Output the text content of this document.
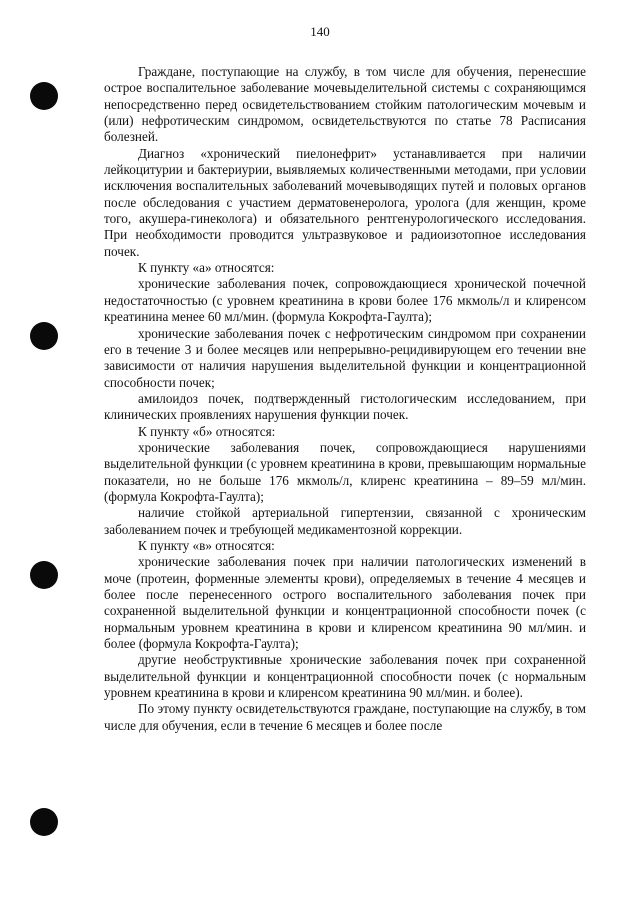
140

Граждане, поступающие на службу, в том числе для обучения, перенесшие острое воспалительное заболевание мочевыделительной системы с сохраняющимся непосредственно перед освидетельствованием стойким патологическим мочевым и (или) нефротическим синдромом, освидетельствуются по статье 78 Расписания болезней.

Диагноз «хронический пиелонефрит» устанавливается при наличии лейкоцитурии и бактериурии, выявляемых количественными методами, при условии исключения воспалительных заболеваний мочевыводящих путей и половых органов после обследования с участием дерматовенеролога, уролога (для женщин, кроме того, акушера-гинеколога) и обязательного рентгенурологического исследования. При необходимости проводится ультразвуковое и радиоизотопное исследования почек.

К пункту «а» относятся:

хронические заболевания почек, сопровождающиеся хронической почечной недостаточностью (с уровнем креатинина в крови более 176 мкмоль/л и клиренсом креатинина менее 60 мл/мин. (формула Кокрофта-Гаулта);

хронические заболевания почек с нефротическим синдромом при сохранении его в течение 3 и более месяцев или непрерывно-рецидивирующем его течении вне зависимости от наличия нарушения выделительной функции и концентрационной способности почек;

амилоидоз почек, подтвержденный гистологическим исследованием, при клинических проявлениях нарушения функции почек.

К пункту «б» относятся:

хронические заболевания почек, сопровождающиеся нарушениями выделительной функции (с уровнем креатинина в крови, превышающим нормальные показатели, но не больше 176 мкмоль/л, клиренс креатинина – 89–59 мл/мин. (формула Кокрофта-Гаулта);

наличие стойкой артериальной гипертензии, связанной с хроническим заболеванием почек и требующей медикаментозной коррекции.

К пункту «в» относятся:

хронические заболевания почек при наличии патологических изменений в моче (протеин, форменные элементы крови), определяемых в течение 4 месяцев и более после перенесенного острого воспалительного заболевания почек при сохраненной выделительной функции и концентрационной способности почек (с нормальным уровнем креатинина в крови и клиренсом креатинина 90 мл/мин. и более (формула Кокрофта-Гаулта);

другие необструктивные хронические заболевания почек при сохраненной выделительной функции и концентрационной способности почек (с нормальным уровнем креатинина в крови и клиренсом креатинина 90 мл/мин. и более).

По этому пункту освидетельствуются граждане, поступающие на службу, в том числе для обучения, если в течение 6 месяцев и более после
